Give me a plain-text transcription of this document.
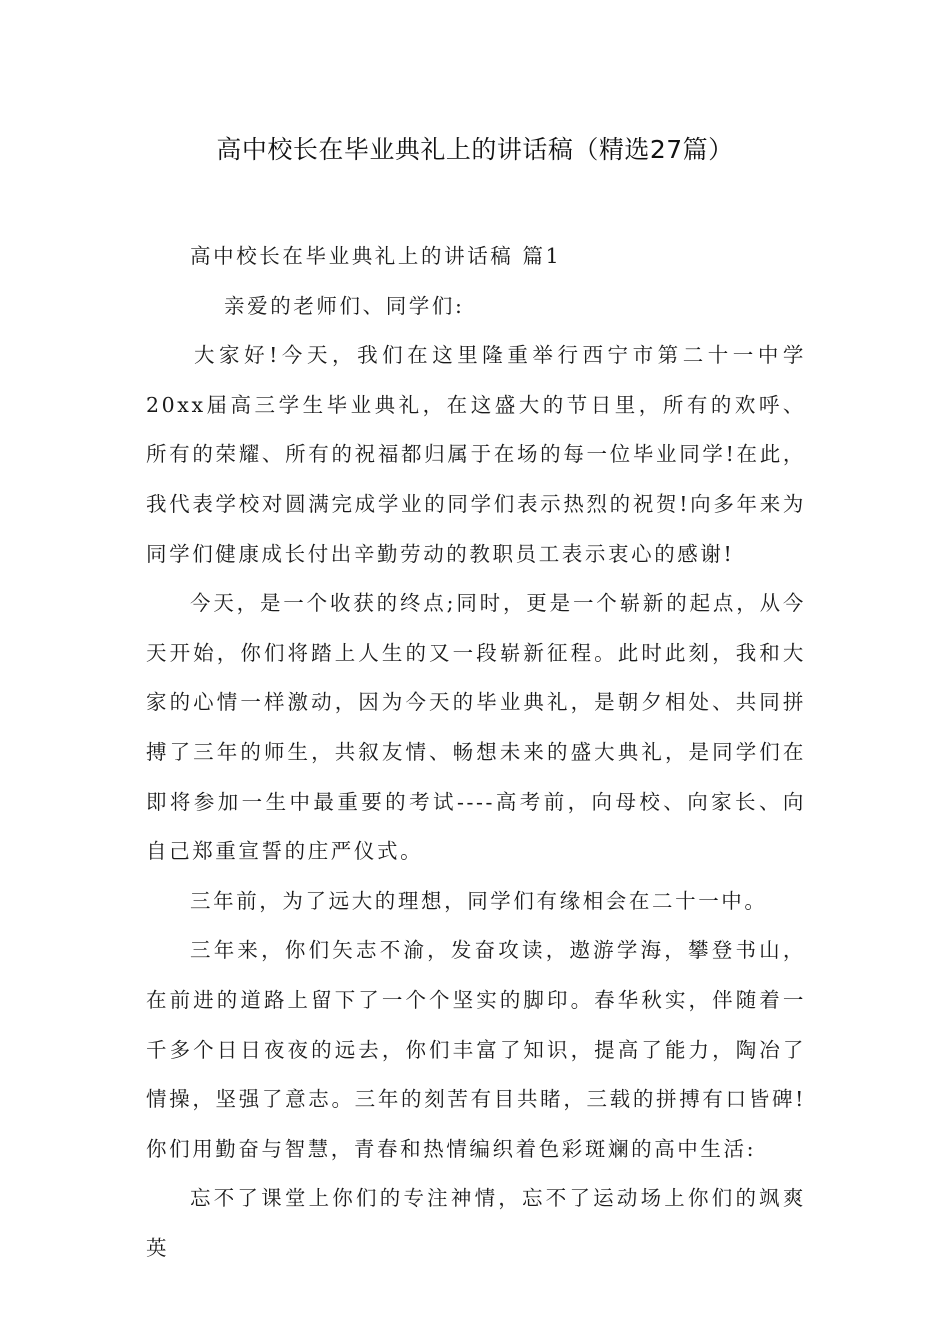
高中校长在毕业典礼上的讲话稿（精选27篇）

高中校长在毕业典礼上的讲话稿 篇1

亲爱的老师们、同学们:

大家好!今天，我们在这里隆重举行西宁市第二十一中学20xx届高三学生毕业典礼，在这盛大的节日里，所有的欢呼、所有的荣耀、所有的祝福都归属于在场的每一位毕业同学!在此，我代表学校对圆满完成学业的同学们表示热烈的祝贺!向多年来为同学们健康成长付出辛勤劳动的教职员工表示衷心的感谢!

今天，是一个收获的终点;同时，更是一个崭新的起点，从今天开始，你们将踏上人生的又一段崭新征程。此时此刻，我和大家的心情一样激动，因为今天的毕业典礼，是朝夕相处、共同拼搏了三年的师生，共叙友情、畅想未来的盛大典礼，是同学们在即将参加一生中最重要的考试----高考前，向母校、向家长、向自己郑重宣誓的庄严仪式。

三年前，为了远大的理想，同学们有缘相会在二十一中。

三年来，你们矢志不渝，发奋攻读，遨游学海，攀登书山，在前进的道路上留下了一个个坚实的脚印。春华秋实，伴随着一千多个日日夜夜的远去，你们丰富了知识，提高了能力，陶冶了情操，坚强了意志。三年的刻苦有目共睹，三载的拼搏有口皆碑!你们用勤奋与智慧，青春和热情编织着色彩斑斓的高中生活:

忘不了课堂上你们的专注神情，忘不了运动场上你们的飒爽英
